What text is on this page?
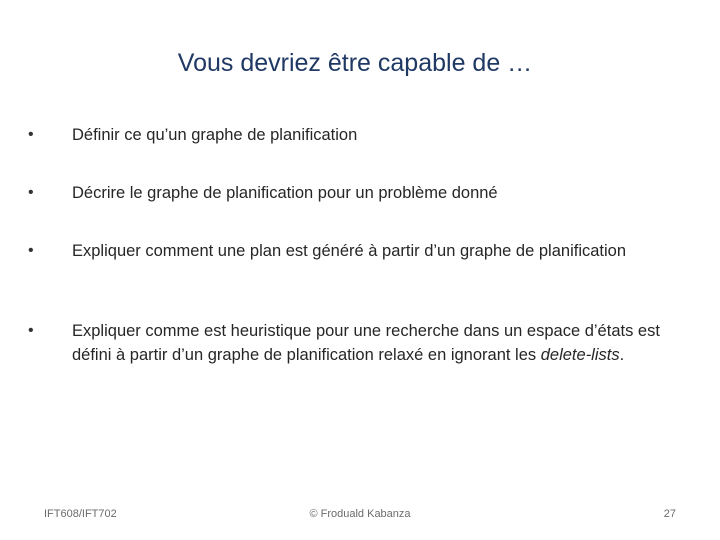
Vous devriez être capable de …
•	Définir ce qu’un graphe de planification
•	Décrire le graphe de planification pour un problème donné
•	Expliquer comment une plan est généré à partir d’un graphe de planification
•	Expliquer comme est heuristique pour une recherche dans un espace d’états est défini à partir d’un graphe de planification relaxé en ignorant les delete-lists.
IFT608/IFT702	© Froduald Kabanza	27
